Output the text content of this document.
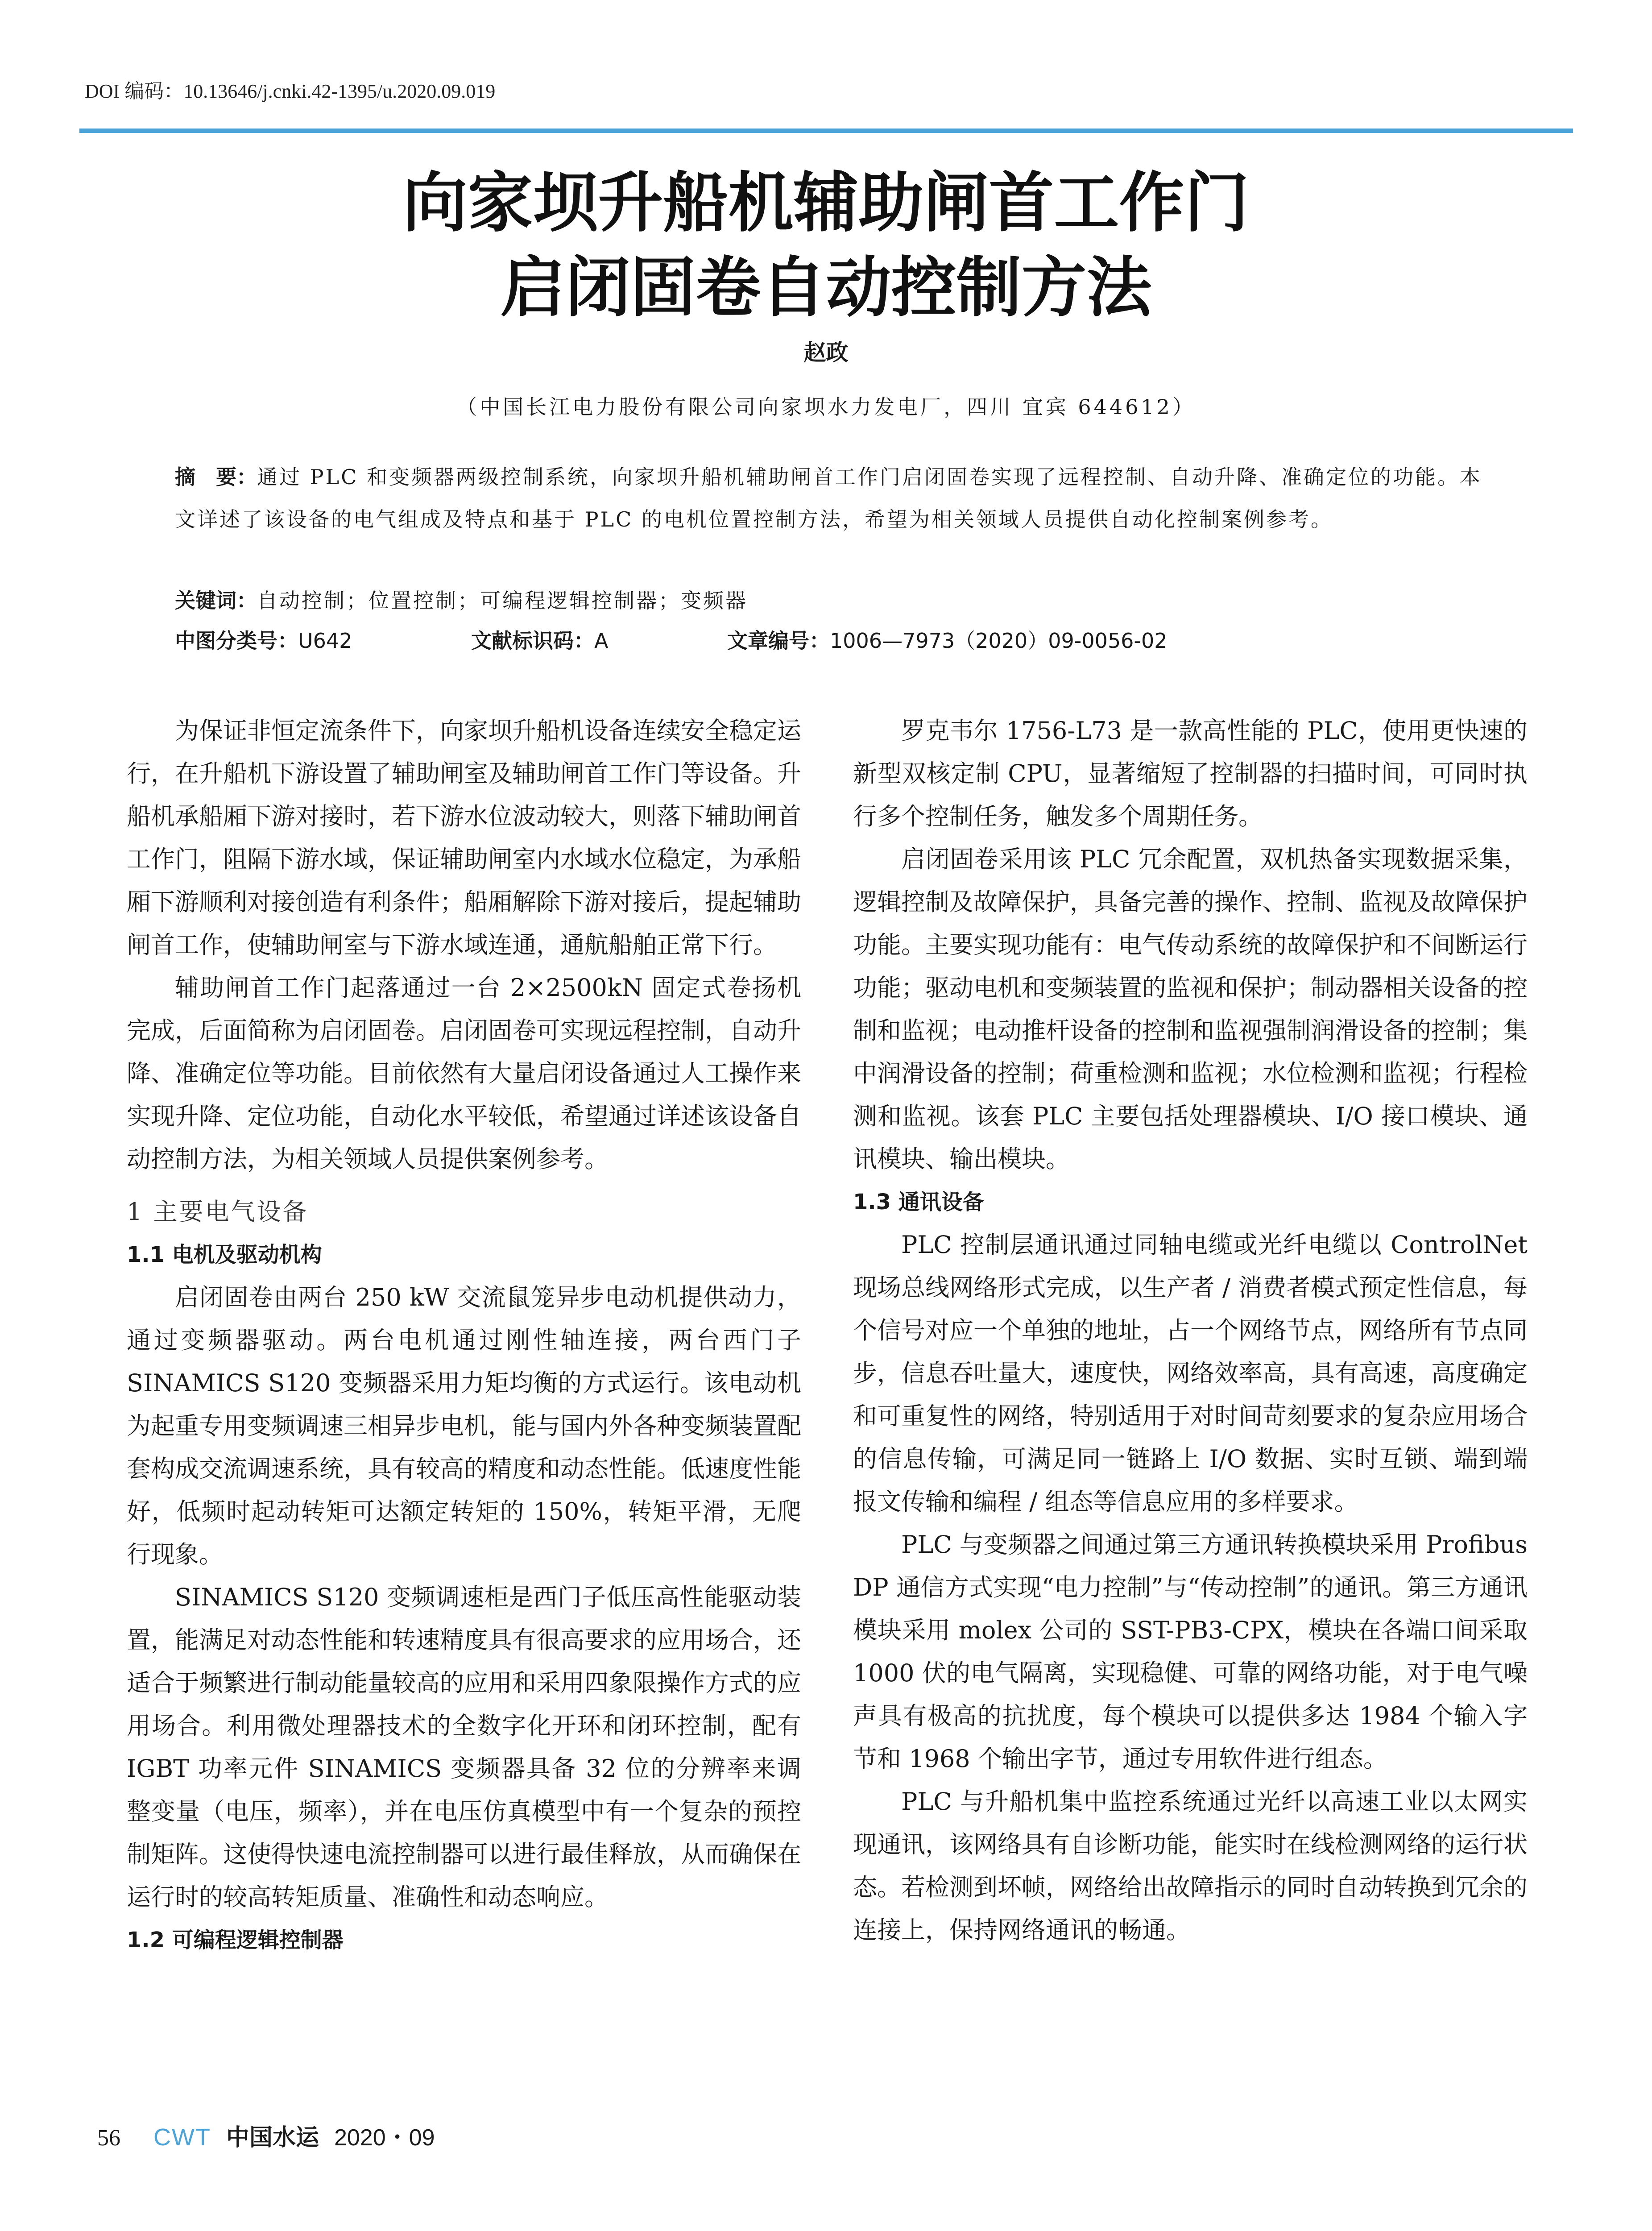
DOI 编码：10.13646/j.cnki.42-1395/u.2020.09.019
向家坝升船机辅助闸首工作门
启闭固卷自动控制方法
赵政
（中国长江电力股份有限公司向家坝水力发电厂，四川 宜宾 644612）
摘　要：通过 PLC 和变频器两级控制系统，向家坝升船机辅助闸首工作门启闭固卷实现了远程控制、自动升降、准确定位的功能。本文详述了该设备的电气组成及特点和基于 PLC 的电机位置控制方法，希望为相关领域人员提供自动化控制案例参考。
关键词：自动控制；位置控制；可编程逻辑控制器；变频器
中图分类号：U642	文献标识码：A	文章编号：1006—7973（2020）09-0056-02

为保证非恒定流条件下，向家坝升船机设备连续安全稳定运行，在升船机下游设置了辅助闸室及辅助闸首工作门等设备。升船机承船厢下游对接时，若下游水位波动较大，则落下辅助闸首工作门，阻隔下游水域，保证辅助闸室内水域水位稳定，为承船厢下游顺利对接创造有利条件；船厢解除下游对接后，提起辅助闸首工作，使辅助闸室与下游水域连通，通航船舶正常下行。

辅助闸首工作门起落通过一台 2×2500kN 固定式卷扬机完成，后面简称为启闭固卷。启闭固卷可实现远程控制，自动升降、准确定位等功能。目前依然有大量启闭设备通过人工操作来实现升降、定位功能，自动化水平较低，希望通过详述该设备自动控制方法，为相关领域人员提供案例参考。

1 主要电气设备
1.1 电机及驱动机构

启闭固卷由两台 250 kW 交流鼠笼异步电动机提供动力，通过变频器驱动。两台电机通过刚性轴连接，两台西门子 SINAMICS S120 变频器采用力矩均衡的方式运行。该电动机为起重专用变频调速三相异步电机，能与国内外各种变频装置配套构成交流调速系统，具有较高的精度和动态性能。低速度性能好，低频时起动转矩可达额定转矩的 150%，转矩平滑，无爬行现象。

SINAMICS S120 变频调速柜是西门子低压高性能驱动装置，能满足对动态性能和转速精度具有很高要求的应用场合，还适合于频繁进行制动能量较高的应用和采用四象限操作方式的应用场合。利用微处理器技术的全数字化开环和闭环控制，配有 IGBT 功率元件 SINAMICS 变频器具备 32 位的分辨率来调整变量（电压，频率），并在电压仿真模型中有一个复杂的预控制矩阵。这使得快速电流控制器可以进行最佳释放，从而确保在运行时的较高转矩质量、准确性和动态响应。

1.2 可编程逻辑控制器

罗克韦尔 1756-L73 是一款高性能的 PLC，使用更快速的新型双核定制 CPU，显著缩短了控制器的扫描时间，可同时执行多个控制任务，触发多个周期任务。

启闭固卷采用该 PLC 冗余配置，双机热备实现数据采集，逻辑控制及故障保护，具备完善的操作、控制、监视及故障保护功能。主要实现功能有：电气传动系统的故障保护和不间断运行功能；驱动电机和变频装置的监视和保护；制动器相关设备的控制和监视；电动推杆设备的控制和监视强制润滑设备的控制；集中润滑设备的控制；荷重检测和监视；水位检测和监视；行程检测和监视。该套 PLC 主要包括处理器模块、I/O 接口模块、通讯模块、输出模块。

1.3 通讯设备

PLC 控制层通讯通过同轴电缆或光纤电缆以 ControlNet 现场总线网络形式完成，以生产者 / 消费者模式预定性信息，每个信号对应一个单独的地址，占一个网络节点，网络所有节点同步，信息吞吐量大，速度快，网络效率高，具有高速，高度确定和可重复性的网络，特别适用于对时间苛刻要求的复杂应用场合的信息传输，可满足同一链路上 I/O 数据、实时互锁、端到端报文传输和编程 / 组态等信息应用的多样要求。

PLC 与变频器之间通过第三方通讯转换模块采用 Profibus DP 通信方式实现“电力控制”与“传动控制”的通讯。第三方通讯模块采用 molex 公司的 SST-PB3-CPX，模块在各端口间采取 1000 伏的电气隔离，实现稳健、可靠的网络功能，对于电气噪声具有极高的抗扰度，每个模块可以提供多达 1984 个输入字节和 1968 个输出字节，通过专用软件进行组态。

PLC 与升船机集中监控系统通过光纤以高速工业以太网实现通讯，该网络具有自诊断功能，能实时在线检测网络的运行状态。若检测到坏帧，网络给出故障指示的同时自动转换到冗余的连接上，保持网络通讯的畅通。

56 CWT 中国水运 2020・09
